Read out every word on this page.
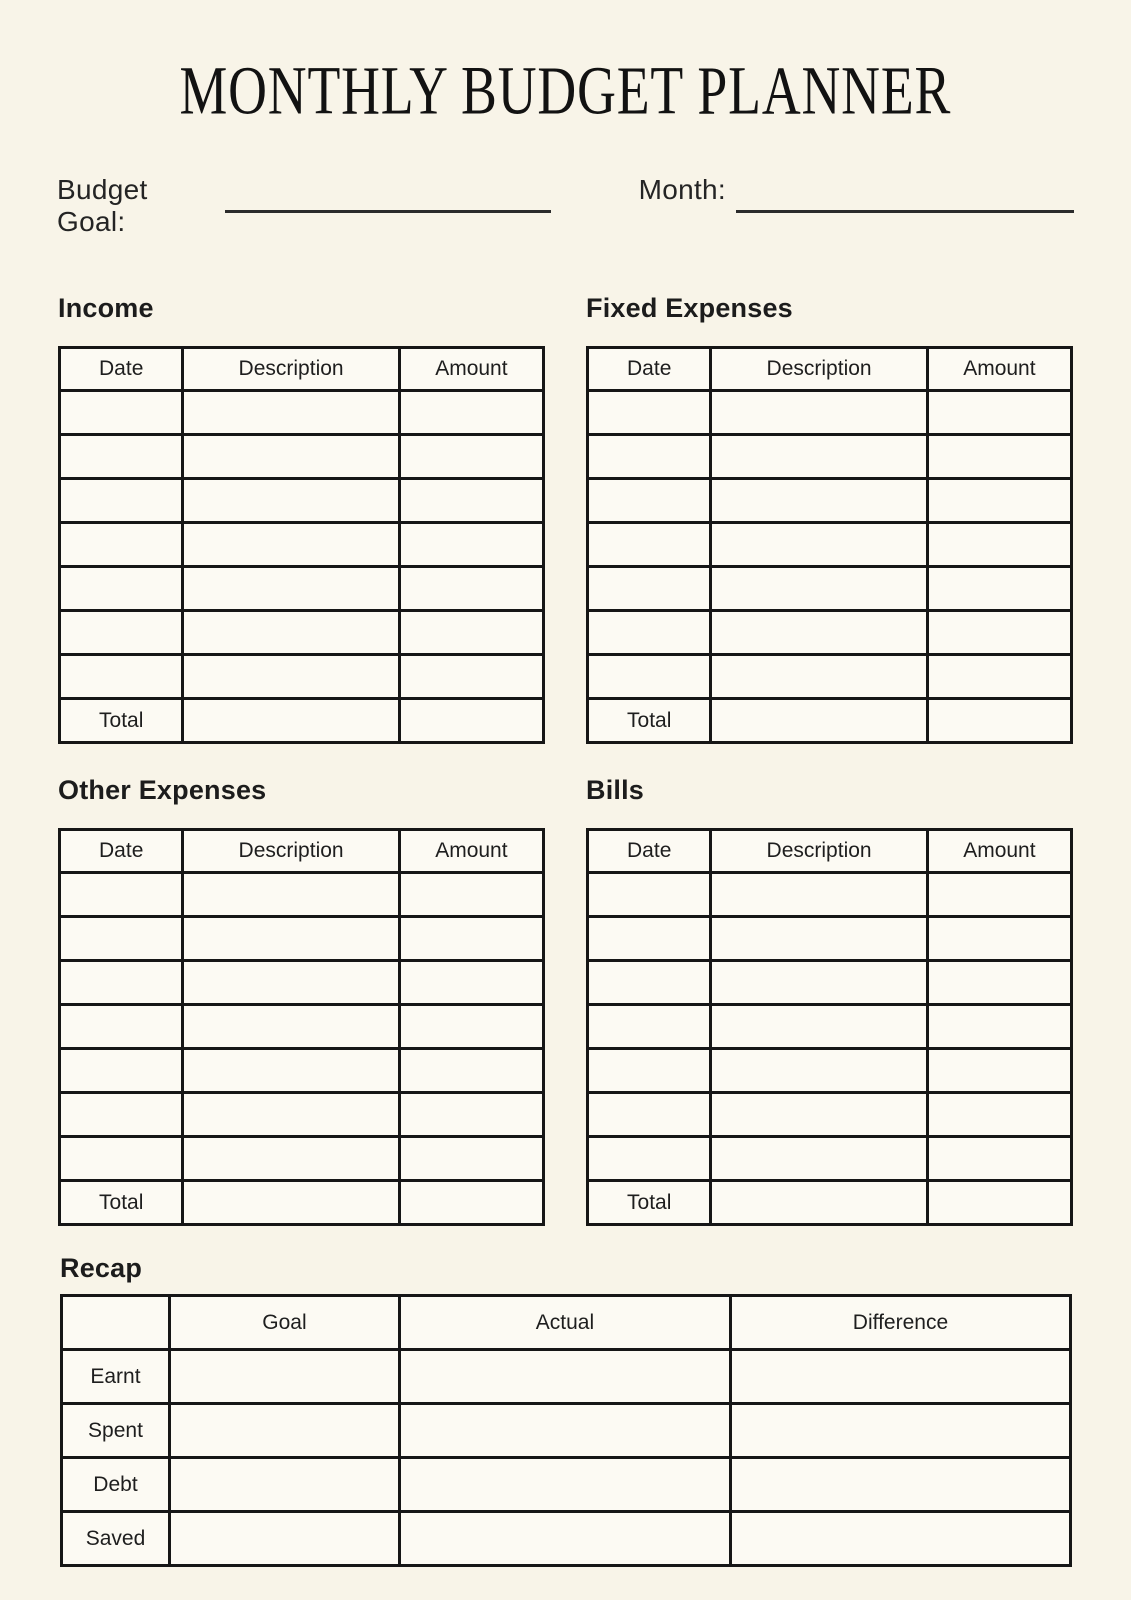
MONTHLY BUDGET PLANNER
Budget Goal:
Month:
Income
Date	Description	Amount

Total		
Fixed Expenses
Date	Description	Amount

Total		
Other Expenses
Date	Description	Amount

Total		
Bills
Date	Description	Amount

Total		
Recap
	Goal	Actual	Difference
Earnt			
Spent			
Debt			
Saved			
